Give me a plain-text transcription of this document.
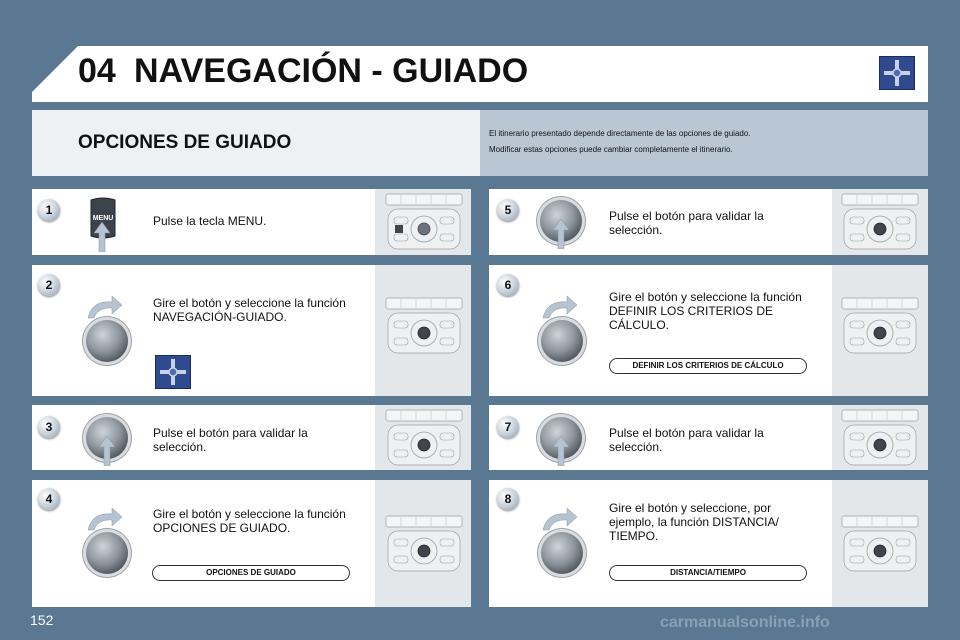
04 NAVEGACIÓN - GUIADO
OPCIONES DE GUIADO	El itinerario presentado depende directamente de las opciones de guiado.
Modificar estas opciones puede cambiar completamente el itinerario.
1
2
3
4
5
6
7
8
Pulse la tecla MENU.
Gire el botón y seleccione la función NAVEGACIÓN-GUIADO.
Pulse el botón para validar la selección.
Gire el botón y seleccione la función OPCIONES DE GUIADO.
Pulse el botón para validar la selección.
Gire el botón y seleccione la función DEFINIR LOS CRITERIOS DE CÁLCULO.
Pulse el botón para validar la selección.
Gire el botón y seleccione, por ejemplo, la función DISTANCIA/ TIEMPO.
OPCIONES DE GUIADO
DEFINIR LOS CRITERIOS DE CÁLCULO
DISTANCIA/TIEMPO
MENU
152	carmanualsonline.info
